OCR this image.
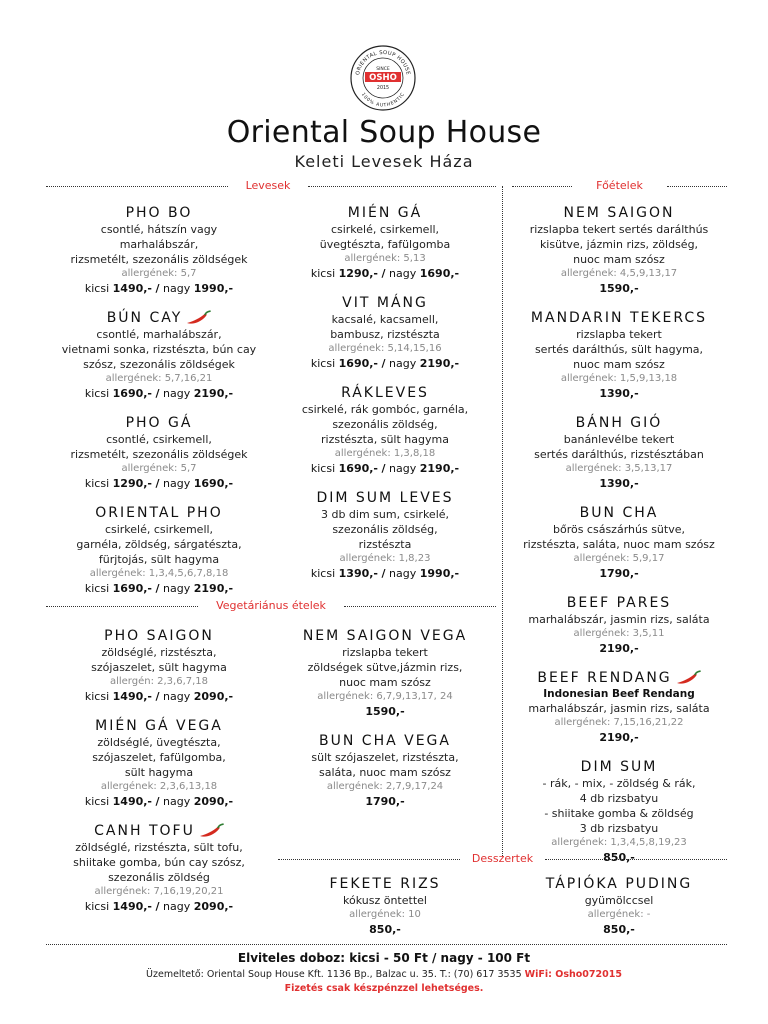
ORIENTAL SOUP HOUSE
100% AUTHENTIC
SINCE
OSHO
2015
Oriental Soup House
Keleti Levesek Háza
Levesek	Főételek
Vegetáriánus ételek
Desszertek
PHO BO
csontlé, hátszín vagy
marhalábszár,
rizsmetélt, szezonális zöldségek
allergének: 5,7
kicsi 1490,- / nagy 1990,-
BÚN CAY
csontlé, marhalábszár,
vietnami sonka, rizstészta, bún cay
szósz, szezonális zöldségek
allergének: 5,7,16,21
kicsi 1690,- / nagy 2190,-
PHO GÁ
csontlé, csirkemell,
rizsmetélt, szezonális zöldségek
allergének: 5,7
kicsi 1290,- / nagy 1690,-
ORIENTAL PHO
csirkelé, csirkemell,
garnéla, zöldség, sárgatészta,
fürjtojás, sült hagyma
allergének: 1,3,4,5,6,7,8,18
kicsi 1690,- / nagy 2190,-
MIÉN GÁ
csirkelé, csirkemell,
üvegtészta, fafülgomba
allergének: 5,13
kicsi 1290,- / nagy 1690,-
VIT MÁNG
kacsalé, kacsamell,
bambusz, rizstészta
allergének: 5,14,15,16
kicsi 1690,- / nagy 2190,-
RÁKLEVES
csirkelé, rák gombóc, garnéla,
szezonális zöldség,
rizstészta, sült hagyma
allergének: 1,3,8,18
kicsi 1690,- / nagy 2190,-
DIM SUM LEVES
3 db dim sum, csirkelé,
szezonális zöldség,
rizstészta
allergének: 1,8,23
kicsi 1390,- / nagy 1990,-
NEM SAIGON
rizslapba tekert sertés darálthús
kisütve, jázmin rizs, zöldség,
nuoc mam szósz
allergének: 4,5,9,13,17
1590,-
MANDARIN TEKERCS
rizslapba tekert
sertés darálthús, sült hagyma,
nuoc mam szósz
allergének: 1,5,9,13,18
1390,-
BÁNH GIÓ
banánlevélbe tekert
sertés darálthús, rizstésztában
allergének: 3,5,13,17
1390,-
BUN CHA
bőrös császárhús sütve,
rizstészta, saláta, nuoc mam szósz
allergének: 5,9,17
1790,-
BEEF PARES
marhalábszár, jasmin rizs, saláta
allergének: 3,5,11
2190,-
BEEF RENDANG
Indonesian Beef Rendang
marhalábszár, jasmin rizs, saláta
allergének: 7,15,16,21,22
2190,-
DIM SUM
- rák, - mix, - zöldség & rák,
4 db rizsbatyu
- shiitake gomba & zöldség
3 db rizsbatyu
allergének: 1,3,4,5,8,19,23
850,-
PHO SAIGON
zöldséglé, rizstészta,
szójaszelet, sült hagyma
allergén: 2,3,6,7,18
kicsi 1490,- / nagy 2090,-
MIÉN GÁ VEGA
zöldséglé, üvegtészta,
szójaszelet, fafülgomba,
sült hagyma
allergének: 2,3,6,13,18
kicsi 1490,- / nagy 2090,-
CANH TOFU
zöldséglé, rizstészta, sült tofu,
shiitake gomba, bún cay szósz,
szezonális zöldség
allergének: 7,16,19,20,21
kicsi 1490,- / nagy 2090,-
NEM SAIGON VEGA
rizslapba tekert
zöldségek sütve,jázmin rizs,
nuoc mam szósz
allergének: 6,7,9,13,17, 24
1590,-
BUN CHA VEGA
sült szójaszelet, rizstészta,
saláta, nuoc mam szósz
allergének: 2,7,9,17,24
1790,-
FEKETE RIZS
kókusz öntettel
allergének: 10
850,-
TÁPIÓKA PUDING
gyümölccsel
allergének: -
850,-
Elviteles doboz: kicsi - 50 Ft / nagy - 100 Ft
Üzemeltető: Oriental Soup House Kft. 1136 Bp., Balzac u. 35. T.: (70) 617 3535 WiFi: Osho072015
Fizetés csak készpénzzel lehetséges.
